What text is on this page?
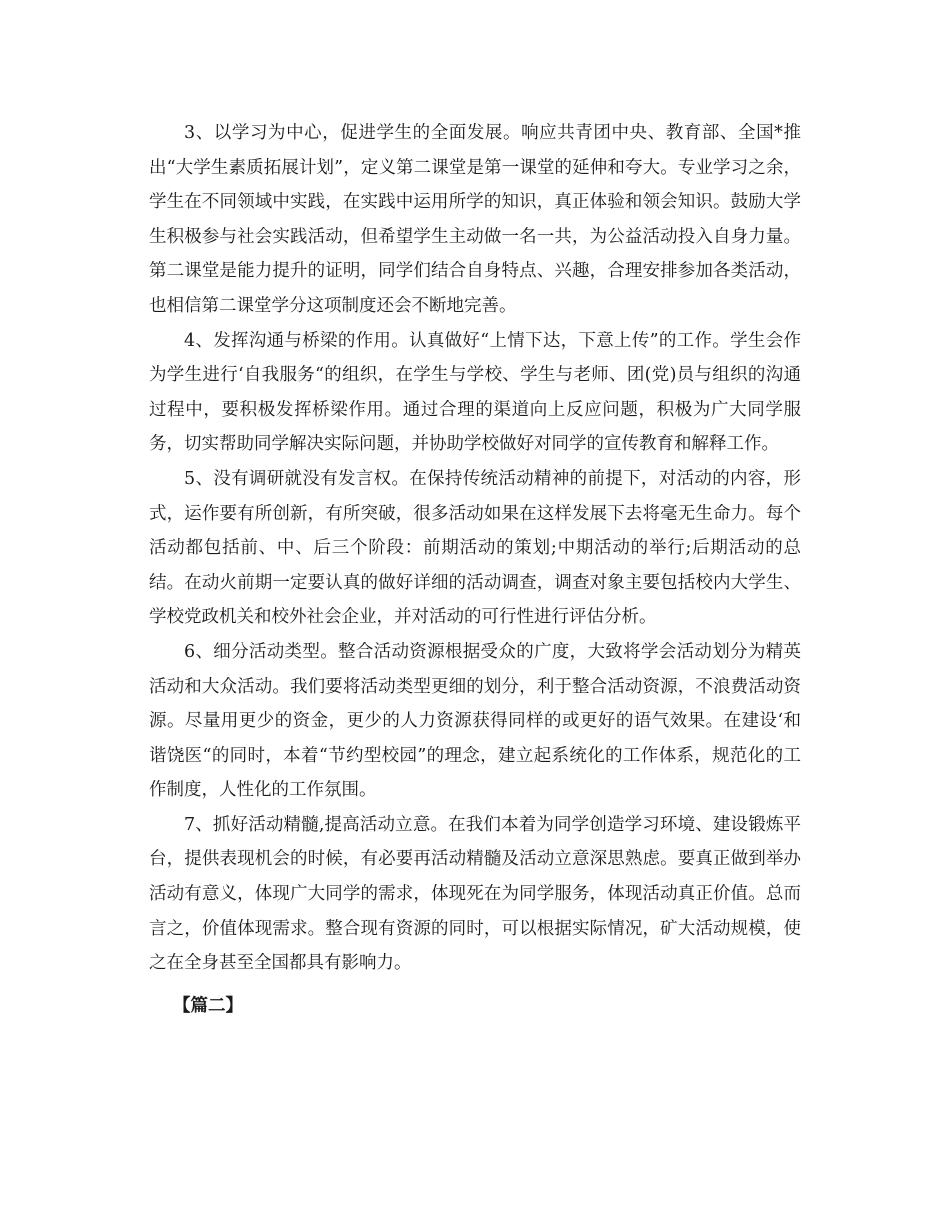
3、以学习为中心，促进学生的全面发展。响应共青团中央、教育部、全国*推出“大学生素质拓展计划”，定义第二课堂是第一课堂的延伸和夸大。专业学习之余，学生在不同领域中实践，在实践中运用所学的知识，真正体验和领会知识。鼓励大学生积极参与社会实践活动，但希望学生主动做一名一共，为公益活动投入自身力量。第二课堂是能力提升的证明，同学们结合自身特点、兴趣，合理安排参加各类活动，也相信第二课堂学分这项制度还会不断地完善。

4、发挥沟通与桥梁的作用。认真做好“上情下达，下意上传”的工作。学生会作为学生进行‘自我服务“的组织，在学生与学校、学生与老师、团(党)员与组织的沟通过程中，要积极发挥桥梁作用。通过合理的渠道向上反应问题，积极为广大同学服务，切实帮助同学解决实际问题，并协助学校做好对同学的宣传教育和解释工作。

5、没有调研就没有发言权。在保持传统活动精神的前提下，对活动的内容，形式，运作要有所创新，有所突破，很多活动如果在这样发展下去将毫无生命力。每个活动都包括前、中、后三个阶段：前期活动的策划;中期活动的举行;后期活动的总结。在动火前期一定要认真的做好详细的活动调查，调查对象主要包括校内大学生、学校党政机关和校外社会企业，并对活动的可行性进行评估分析。

6、细分活动类型。整合活动资源根据受众的广度，大致将学会活动划分为精英活动和大众活动。我们要将活动类型更细的划分，利于整合活动资源，不浪费活动资源。尽量用更少的资金，更少的人力资源获得同样的或更好的语气效果。在建设‘和谐饶医“的同时，本着“节约型校园”的理念，建立起系统化的工作体系，规范化的工作制度，人性化的工作氛围。

7、抓好活动精髓,提高活动立意。在我们本着为同学创造学习环境、建设锻炼平台，提供表现机会的时候，有必要再活动精髓及活动立意深思熟虑。要真正做到举办活动有意义，体现广大同学的需求，体现死在为同学服务，体现活动真正价值。总而言之，价值体现需求。整合现有资源的同时，可以根据实际情况，矿大活动规模，使之在全身甚至全国都具有影响力。

【篇二】
